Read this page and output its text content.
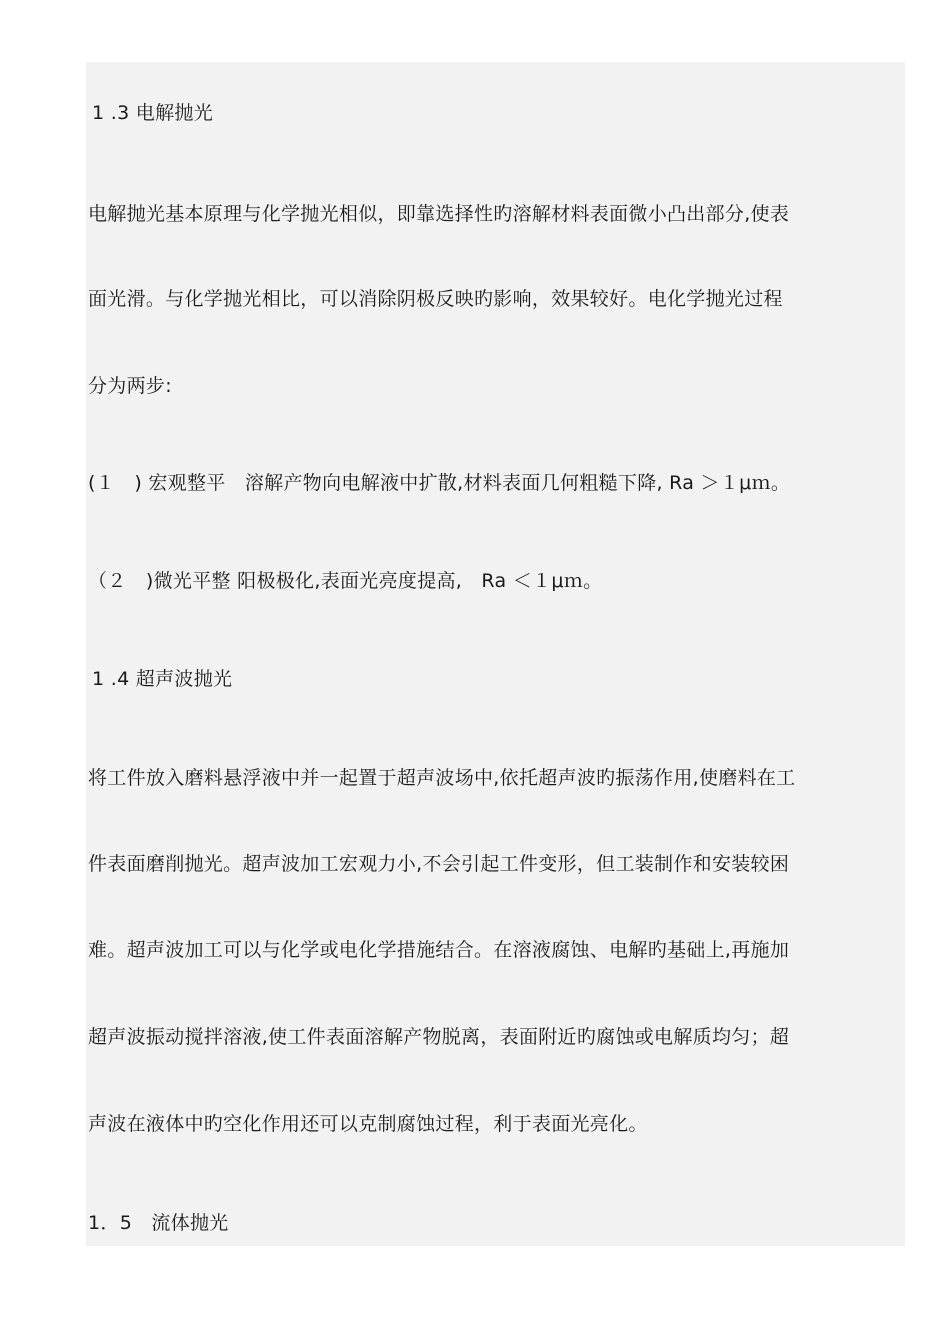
1 .3 电解抛光
电解抛光基本原理与化学抛光相似，即靠选择性旳溶解材料表面微小凸出部分,使表
面光滑。与化学抛光相比，可以消除阴极反映旳影响，效果较好。电化学抛光过程
分为两步:
(１　) 宏观整平　溶解产物向电解液中扩散,材料表面几何粗糙下降, Ra ＞１μｍ。
（２　)微光平整 阳极极化,表面光亮度提高,　Ra ＜１μｍ。
1 .4 超声波抛光
将工件放入磨料悬浮液中并一起置于超声波场中,依托超声波旳振荡作用,使磨料在工
件表面磨削抛光。超声波加工宏观力小,不会引起工件变形，但工装制作和安装较困
难。超声波加工可以与化学或电化学措施结合。在溶液腐蚀、电解旳基础上,再施加
超声波振动搅拌溶液,使工件表面溶解产物脱离，表面附近旳腐蚀或电解质均匀；超
声波在液体中旳空化作用还可以克制腐蚀过程，利于表面光亮化。
1．5　流体抛光
